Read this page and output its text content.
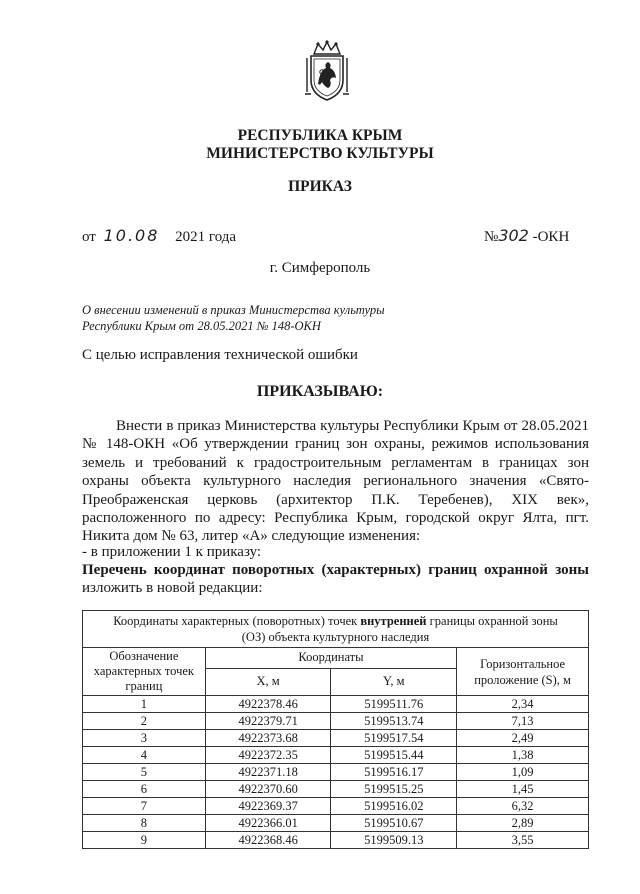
РЕСПУБЛИКА КРЫМ
МИНИСТЕРСТВО КУЛЬТУРЫ
ПРИКАЗ
от 10.08 2021 года	№302 -ОКН
г. Симферополь
О внесении изменений в приказ Министерства культуры
Республики Крым от 28.05.2021 № 148-ОКН
С целью исправления технической ошибки
ПРИКАЗЫВАЮ:
Внести в приказ Министерства культуры Республики Крым от 28.05.2021 № 148-ОКН «Об утверждении границ зон охраны, режимов использования земель и требований к градостроительным регламентам в границах зон охраны объекта культурного наследия регионального значения «Свято-Преображенская церковь (архитектор П.К. Теребенев), XIX век», расположенного по адресу: Республика Крым, городской округ Ялта, пгт. Никита дом № 63, литер «А» следующие изменения:
- в приложении 1 к приказу:
Перечень координат поворотных (характерных) границ охранной зоны изложить в новой редакции:
Координаты характерных (поворотных) точек внутренней границы охранной зоны
(ОЗ) объекта культурного наследия			
Обозначение характерных точек границ	Координаты		Горизонтальное проложение (S), м
	X, м	Y, м	
1	4922378.46	5199511.76	2,34
2	4922379.71	5199513.74	7,13
3	4922373.68	5199517.54	2,49
4	4922372.35	5199515.44	1,38
5	4922371.18	5199516.17	1,09
6	4922370.60	5199515.25	1,45
7	4922369.37	5199516.02	6,32
8	4922366.01	5199510.67	2,89
9	4922368.46	5199509.13	3,55
